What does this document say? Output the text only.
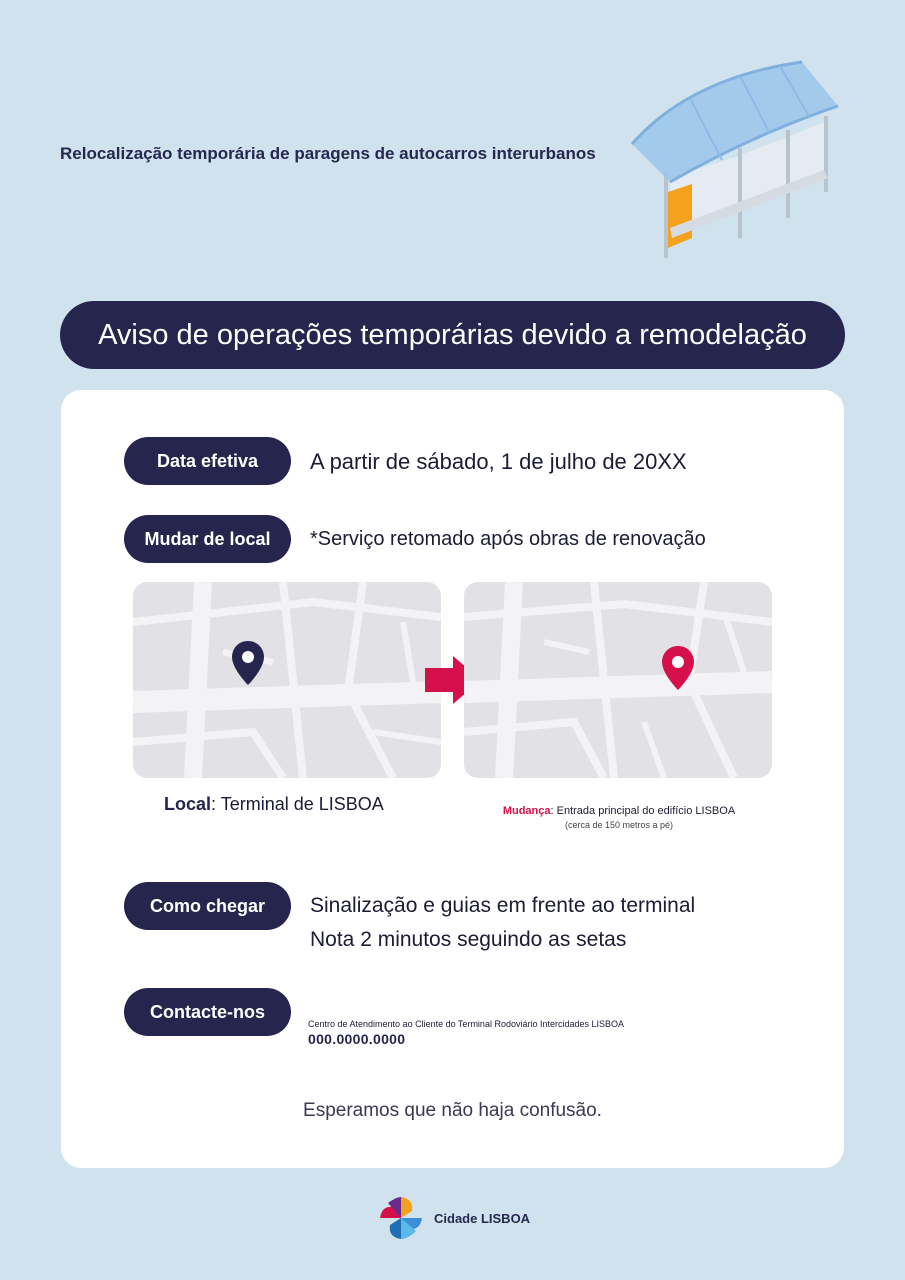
Relocalização temporária de paragens de autocarros interurbanos
Aviso de operações temporárias devido a remodelação
Data efetiva	A partir de sábado, 1 de julho de 20XX
Mudar de local	*Serviço retomado após obras de renovação
Local: Terminal de LISBOA	Mudança: Entrada principal do edifício LISBOA
(cerca de 150 metros a pé)
Como chegar	Sinalização e guias em frente ao terminal
Nota 2 minutos seguindo as setas
Contacte-nos
Centro de Atendimento ao Cliente do Terminal Rodoviário Intercidades LISBOA
000.0000.0000
Esperamos que não haja confusão.
Cidade LISBOA
